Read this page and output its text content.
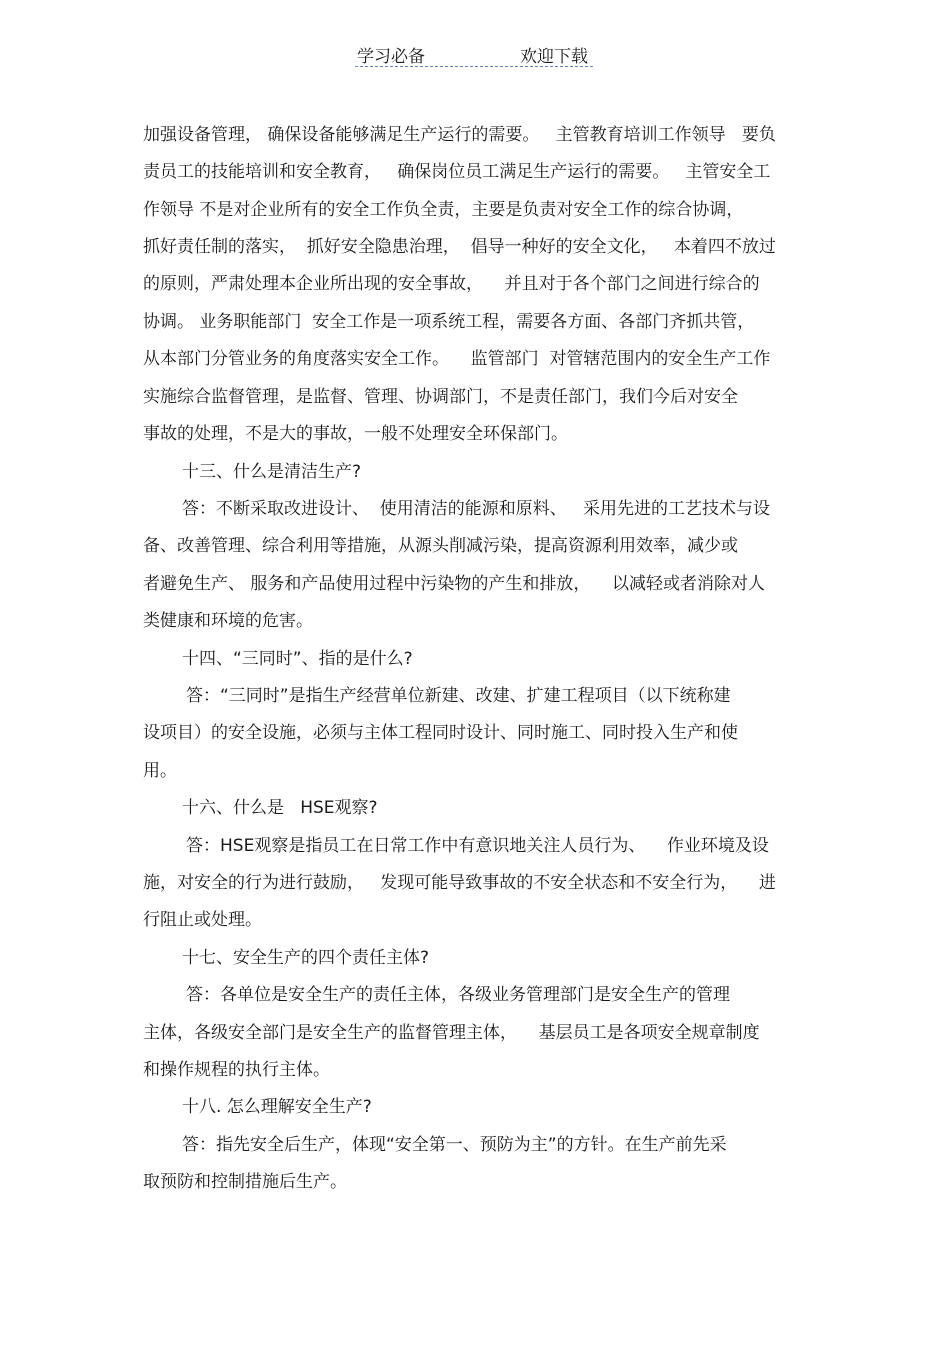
学习必备	欢迎下载
加强设备管理， 确保设备能够满足生产运行的需要。   主管教育培训工作领导   要负
责员工的技能培训和安全教育，   确保岗位员工满足生产运行的需要。   主管安全工
作领导 不是对企业所有的安全工作负全责，主要是负责对安全工作的综合协调，
抓好责任制的落实，  抓好安全隐患治理，  倡导一种好的安全文化，   本着四不放过
的原则，严肃处理本企业所出现的安全事故，    并且对于各个部门之间进行综合的
协调。 业务职能部门  安全工作是一项系统工程，需要各方面、各部门齐抓共管，
从本部门分管业务的角度落实安全工作。    监管部门  对管辖范围内的安全生产工作
实施综合监督管理，是监督、管理、协调部门，不是责任部门，我们今后对安全
事故的处理，不是大的事故，一般不处理安全环保部门。
十三、什么是清洁生产?
答：不断采取改进设计、  使用清洁的能源和原料、   采用先进的工艺技术与设
备、改善管理、综合利用等措施，从源头削减污染，提高资源利用效率，减少或
者避免生产、 服务和产品使用过程中污染物的产生和排放，    以减轻或者消除对人
类健康和环境的危害。
十四、“三同时”、指的是什么?
答：“三同时”是指生产经营单位新建、改建、扩建工程项目（以下统称建
设项目）的安全设施，必须与主体工程同时设计、同时施工、同时投入生产和使
用。
十六、什么是   HSE观察?
答：HSE观察是指员工在日常工作中有意识地关注人员行为、    作业环境及设
施，对安全的行为进行鼓励，   发现可能导致事故的不安全状态和不安全行为，    进
行阻止或处理。
十七、安全生产的四个责任主体?
答：各单位是安全生产的责任主体，各级业务管理部门是安全生产的管理
主体，各级安全部门是安全生产的监督管理主体，    基层员工是各项安全规章制度
和操作规程的执行主体。
十八. 怎么理解安全生产?
答：指先安全后生产，体现“安全第一、预防为主”的方针。在生产前先采
取预防和控制措施后生产。
